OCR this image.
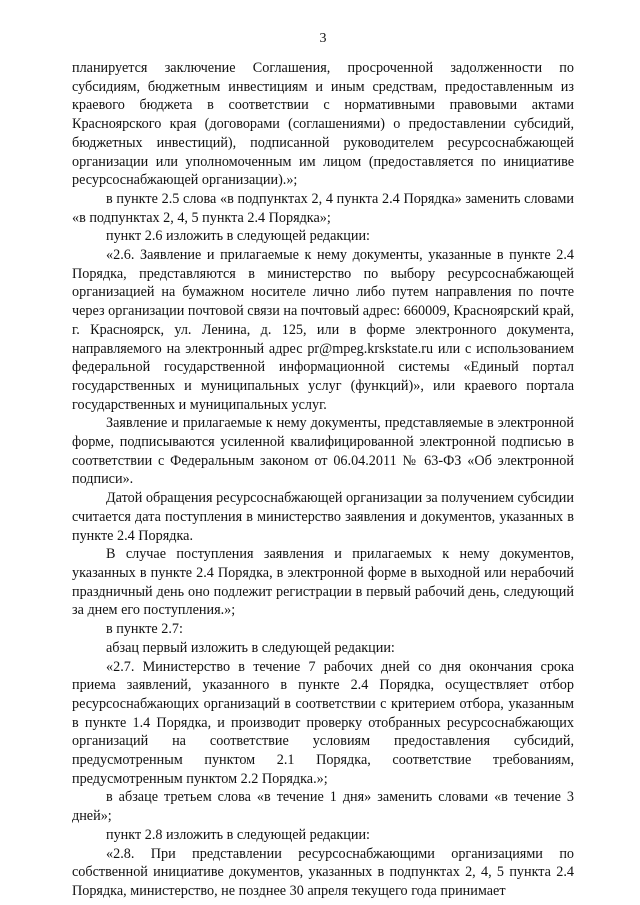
3

планируется заключение Соглашения, просроченной задолженности по субсидиям, бюджетным инвестициям и иным средствам, предоставленным из краевого бюджета в соответствии с нормативными правовыми актами Красноярского края (договорами (соглашениями) о предоставлении субсидий, бюджетных инвестиций), подписанной руководителем ресурсоснабжающей организации или уполномоченным им лицом (предоставляется по инициативе ресурсоснабжающей организации).»;

в пункте 2.5 слова «в подпунктах 2, 4 пункта 2.4 Порядка» заменить словами «в подпунктах 2, 4, 5 пункта 2.4 Порядка»;

пункт 2.6 изложить в следующей редакции:

«2.6. Заявление и прилагаемые к нему документы, указанные в пункте 2.4 Порядка, представляются в министерство по выбору ресурсоснабжающей организацией на бумажном носителе лично либо путем направления по почте через организации почтовой связи на почтовый адрес: 660009, Красноярский край, г. Красноярск, ул. Ленина, д. 125, или в форме электронного документа, направляемого на электронный адрес pr@mpeg.krskstate.ru или с использованием федеральной государственной информационной системы «Единый портал государственных и муниципальных услуг (функций)», или краевого портала государственных и муниципальных услуг.

Заявление и прилагаемые к нему документы, представляемые в электронной форме, подписываются усиленной квалифицированной электронной подписью в соответствии с Федеральным законом от 06.04.2011 № 63-ФЗ «Об электронной подписи».

Датой обращения ресурсоснабжающей организации за получением субсидии считается дата поступления в министерство заявления и документов, указанных в пункте 2.4 Порядка.

В случае поступления заявления и прилагаемых к нему документов, указанных в пункте 2.4 Порядка, в электронной форме в выходной или нерабочий праздничный день оно подлежит регистрации в первый рабочий день, следующий за днем его поступления.»;

в пункте 2.7:

абзац первый изложить в следующей редакции:

«2.7. Министерство в течение 7 рабочих дней со дня окончания срока приема заявлений, указанного в пункте 2.4 Порядка, осуществляет отбор ресурсоснабжающих организаций в соответствии с критерием отбора, указанным в пункте 1.4 Порядка, и производит проверку отобранных ресурсоснабжающих организаций на соответствие условиям предоставления субсидий, предусмотренным пунктом 2.1 Порядка, соответствие требованиям, предусмотренным пунктом 2.2 Порядка.»;

в абзаце третьем слова «в течение 1 дня» заменить словами «в течение 3 дней»;

пункт 2.8 изложить в следующей редакции:

«2.8. При представлении ресурсоснабжающими организациями по собственной инициативе документов, указанных в подпунктах 2, 4, 5 пункта 2.4 Порядка, министерство, не позднее 30 апреля текущего года принимает
